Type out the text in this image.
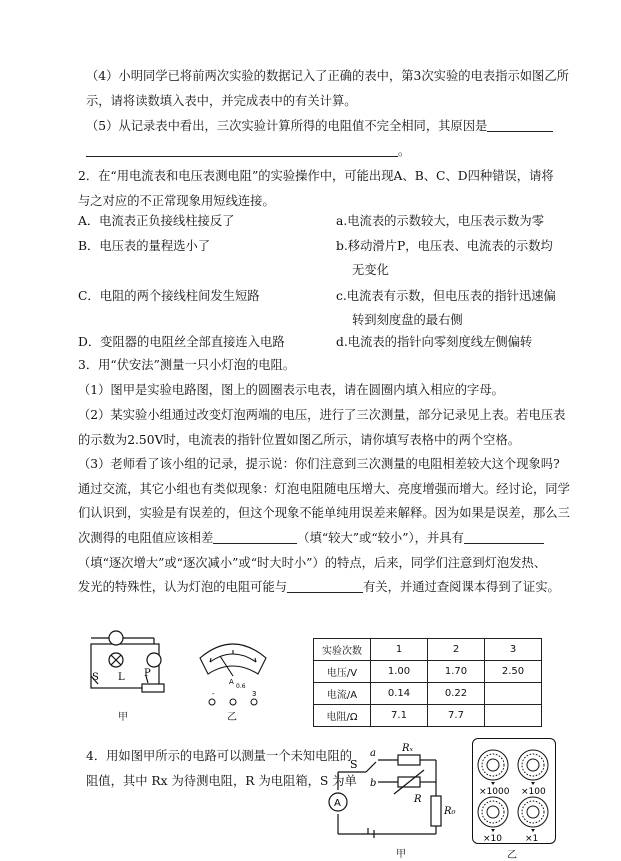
（4）小明同学已将前两次实验的数据记入了正确的表中，第3次实验的电表指示如图乙所
示，请将读数填入表中，并完成表中的有关计算。
（5）从记录表中看出，三次实验计算所得的电阻值不完全相同，其原因是
。
2．在“用电流表和电压表测电阻”的实验操作中，可能出现A、B、C、D四种错误，请将
与之对应的不正常现象用短线连接。
A．电流表正负接线柱接反了
B．电压表的量程选小了
C．电阻的两个接线柱间发生短路
D．变阻器的电阻丝全部直接连入电路
a.电流表的示数较大，电压表示数为零
b.移动滑片P，电压表、电流表的示数均
无变化
c.电流表有示数，但电压表的指针迅速偏
转到刻度盘的最右侧
d.电流表的指针向零刻度线左侧偏转
3．用“伏安法”测量一只小灯泡的电阻。
（1）图甲是实验电路图，图上的圆圈表示电表，请在圆圈内填入相应的字母。
（2）某实验小组通过改变灯泡两端的电压，进行了三次测量，部分记录见上表。若电压表
的示数为2.50V时，电流表的指针位置如图乙所示，请你填写表格中的两个空格。
（3）老师看了该小组的记录，提示说：你们注意到三次测量的电阻相差较大这个现象吗?
通过交流，其它小组也有类似现象：灯泡电阻随电压增大、亮度增强而增大。经讨论，同学
们认识到，实验是有误差的，但这个现象不能单纯用误差来解释。因为如果是误差，那么三
次测得的电阻值应该相差	（填“较大”或“较小”），并具有
（填“逐次增大”或“逐次减小”或“时大时小”）的特点，后来，同学们注意到灯泡发热、
发光的特殊性，认为灯泡的电阻可能与	有关，并通过查阅课本得到了证实。
S L P
甲
A
0.6
-	3
乙
实验次数	1	2	3
电压/V	1.00	1.70	2.50
电流/A	0.14	0.22	
电阻/Ω	7.1	7.7	
4．用如图甲所示的电路可以测量一个未知电阻的
阻值，其中 Rx 为待测电阻，R 为电阻箱，S 为单
A
S
a
b
Rₓ
R
R₀
甲
×1000 ×100
×10	×1
乙
